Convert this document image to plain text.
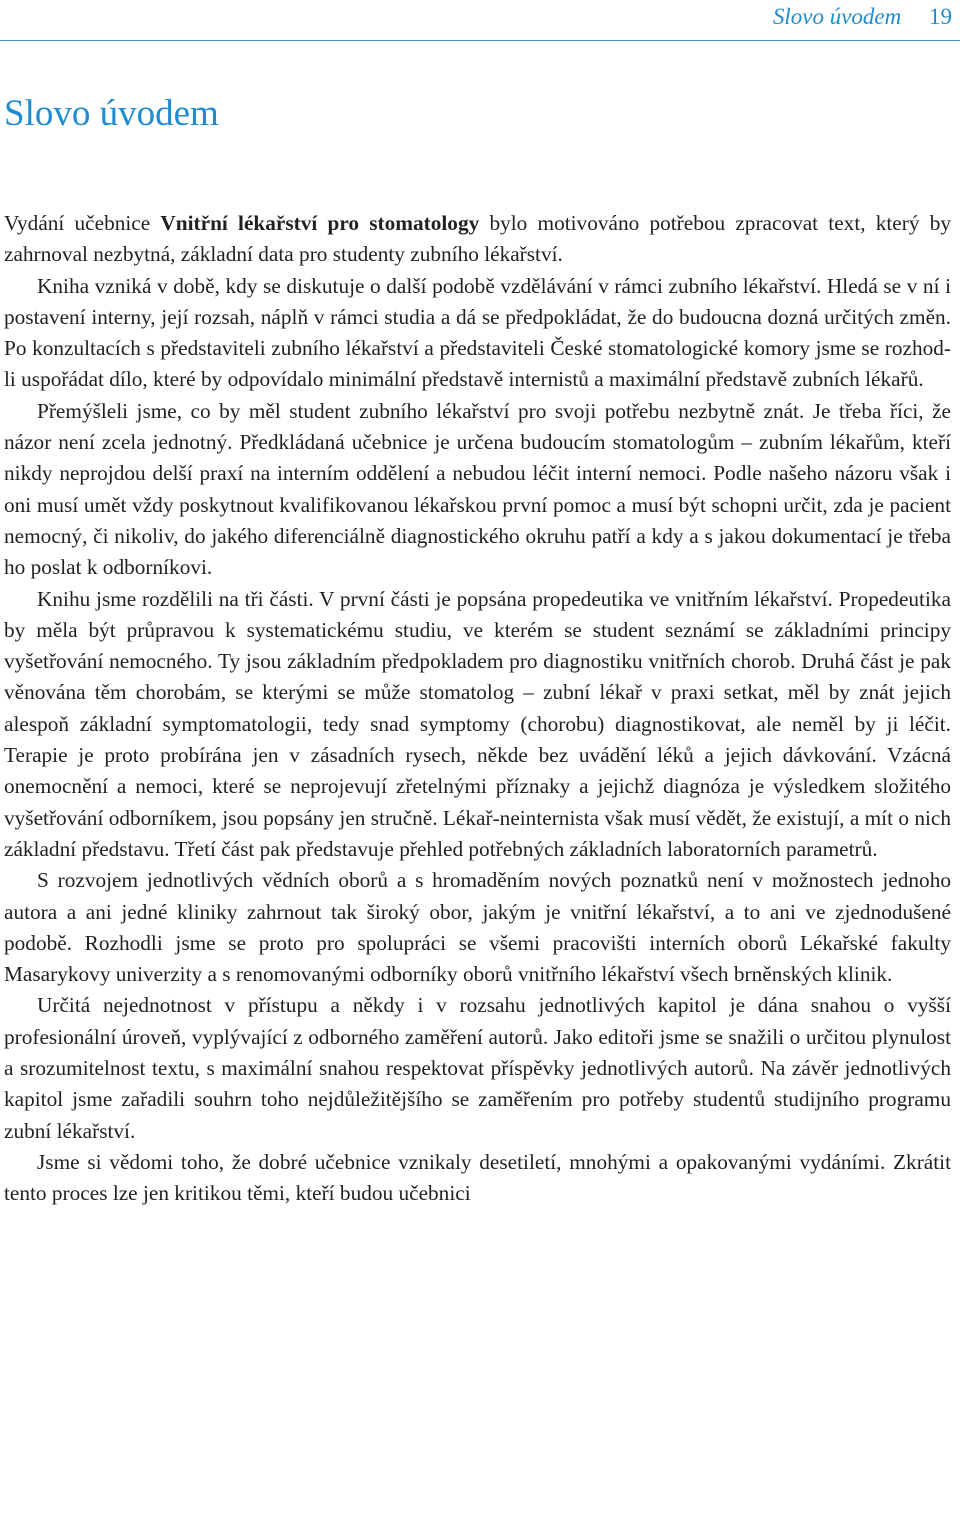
Slovo úvodem 19
Slovo úvodem

Vydání učebnice Vnitřní lékařství pro stomatology bylo motivováno potřebou zpracovat text, který by zahrnoval nezbytná, základní data pro studenty zubního lékařství.

Kniha vzniká v době, kdy se diskutuje o další podobě vzdělávání v rámci zubního lékařství. Hledá se v ní i postavení interny, její rozsah, náplň v rámci studia a dá se předpokládat, že do budoucna dozná určitých změn. Po konzultacích s představiteli zubního lékařství a představiteli České stomatologické komory jsme se rozhodli uspořádat dílo, které by odpovídalo minimální představě internistů a maximální představě zubních lékařů.

Přemýšleli jsme, co by měl student zubního lékařství pro svoji potřebu nezbytně znát. Je třeba říci, že názor není zcela jednotný. Předkládaná učebnice je určena budoucím stomatologům – zubním lékařům, kteří nikdy neprojdou delší praxí na interním oddělení a nebudou léčit interní nemoci. Podle našeho názoru však i oni musí umět vždy poskytnout kvalifikovanou lékařskou první pomoc a musí být schopni určit, zda je pacient nemocný, či nikoliv, do jakého diferenciálně diagnostického okruhu patří a kdy a s jakou dokumentací je třeba ho poslat k odborníkovi.

Knihu jsme rozdělili na tři části. V první části je popsána propedeutika ve vnitřním lékařství. Propedeutika by měla být průpravou k systematickému studiu, ve kterém se student seznámí se základními principy vyšetřování nemocného. Ty jsou základním předpokladem pro diagnostiku vnitřních chorob. Druhá část je pak věnována těm chorobám, se kterými se může stomatolog – zubní lékař v praxi setkat, měl by znát jejich alespoň základní symptomatologii, tedy snad symptomy (chorobu) diagnostikovat, ale neměl by ji léčit. Terapie je proto probírána jen v zásadních rysech, někde bez uvádění léků a jejich dávkování. Vzácná onemocnění a nemoci, které se neprojevují zřetelnými příznaky a jejichž diagnóza je výsledkem složitého vyšetřování odborníkem, jsou popsány jen stručně. Lékař-neinternista však musí vědět, že existují, a mít o nich základní představu. Třetí část pak představuje přehled potřebných základních laboratorních parametrů.

S rozvojem jednotlivých vědních oborů a s hromaděním nových poznatků není v možnostech jednoho autora a ani jedné kliniky zahrnout tak široký obor, jakým je vnitřní lékařství, a to ani ve zjednodušené podobě. Rozhodli jsme se proto pro spolupráci se všemi pracovišti interních oborů Lékařské fakulty Masarykovy univerzity a s renomovanými odborníky oborů vnitřního lékařství všech brněnských klinik.

Určitá nejednotnost v přístupu a někdy i v rozsahu jednotlivých kapitol je dána snahou o vyšší profesionální úroveň, vyplývající z odborného zaměření autorů. Jako editoři jsme se snažili o určitou plynulost a srozumitelnost textu, s maximální snahou respektovat příspěvky jednotlivých autorů. Na závěr jednotlivých kapitol jsme zařadili souhrn toho nejdůležitějšího se zaměřením pro potřeby studentů studijního programu zubní lékařství.

Jsme si vědomi toho, že dobré učebnice vznikaly desetiletí, mnohými a opakovanými vydáními. Zkrátit tento proces lze jen kritikou těmi, kteří budou učebnici
